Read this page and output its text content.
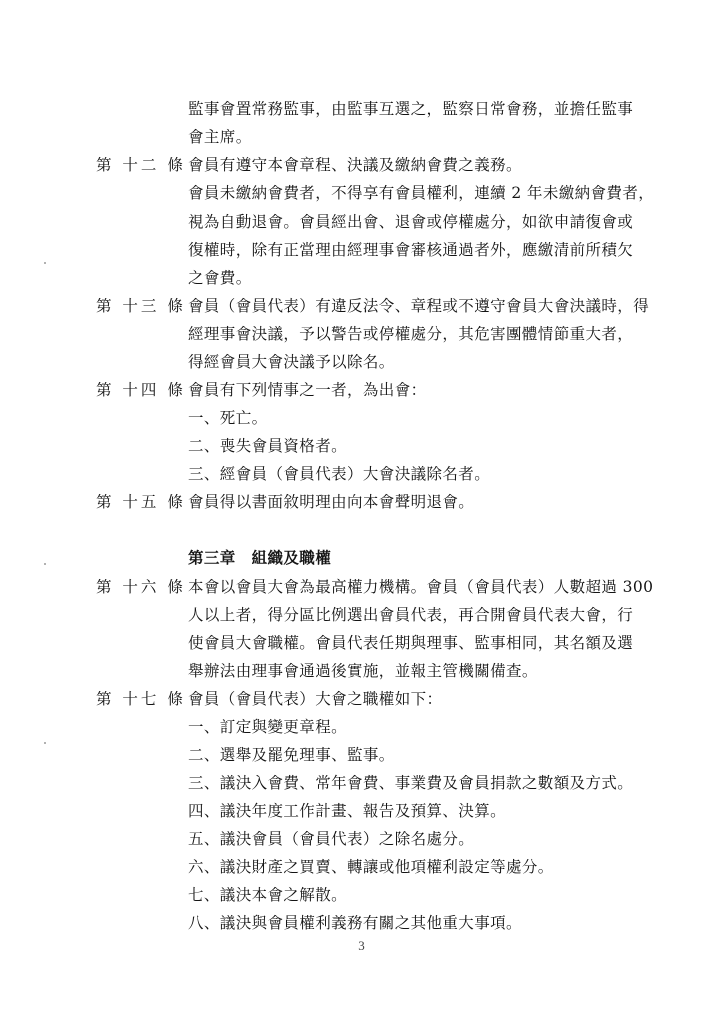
第 十二 條
第 十三 條
第 十四 條
第 十五 條
第 十六 條
第 十七 條
監事會置常務監事，由監事互選之，監察日常會務，並擔任監事
會主席。
會員有遵守本會章程、決議及繳納會費之義務。
會員未繳納會費者，不得享有會員權利，連續 2 年未繳納會費者，
視為自動退會。會員經出會、退會或停權處分，如欲申請復會或
復權時，除有正當理由經理事會審核通過者外，應繳清前所積欠
之會費。
會員（會員代表）有違反法令、章程或不遵守會員大會決議時，得
經理事會決議，予以警告或停權處分，其危害團體情節重大者，
得經會員大會決議予以除名。
會員有下列情事之一者，為出會：
一、死亡。
二、喪失會員資格者。
三、經會員（會員代表）大會決議除名者。
會員得以書面敘明理由向本會聲明退會。
第三章　組織及職權
本會以會員大會為最高權力機構。會員（會員代表）人數超過 300
人以上者，得分區比例選出會員代表，再合開會員代表大會，行
使會員大會職權。會員代表任期與理事、監事相同，其名額及選
舉辦法由理事會通過後實施，並報主管機關備查。
會員（會員代表）大會之職權如下：
一、訂定與變更章程。
二、選舉及罷免理事、監事。
三、議決入會費、常年會費、事業費及會員捐款之數額及方式。
四、議決年度工作計畫、報告及預算、決算。
五、議決會員（會員代表）之除名處分。
六、議決財產之買賣、轉讓或他項權利設定等處分。
七、議決本會之解散。
八、議決與會員權利義務有關之其他重大事項。
3
